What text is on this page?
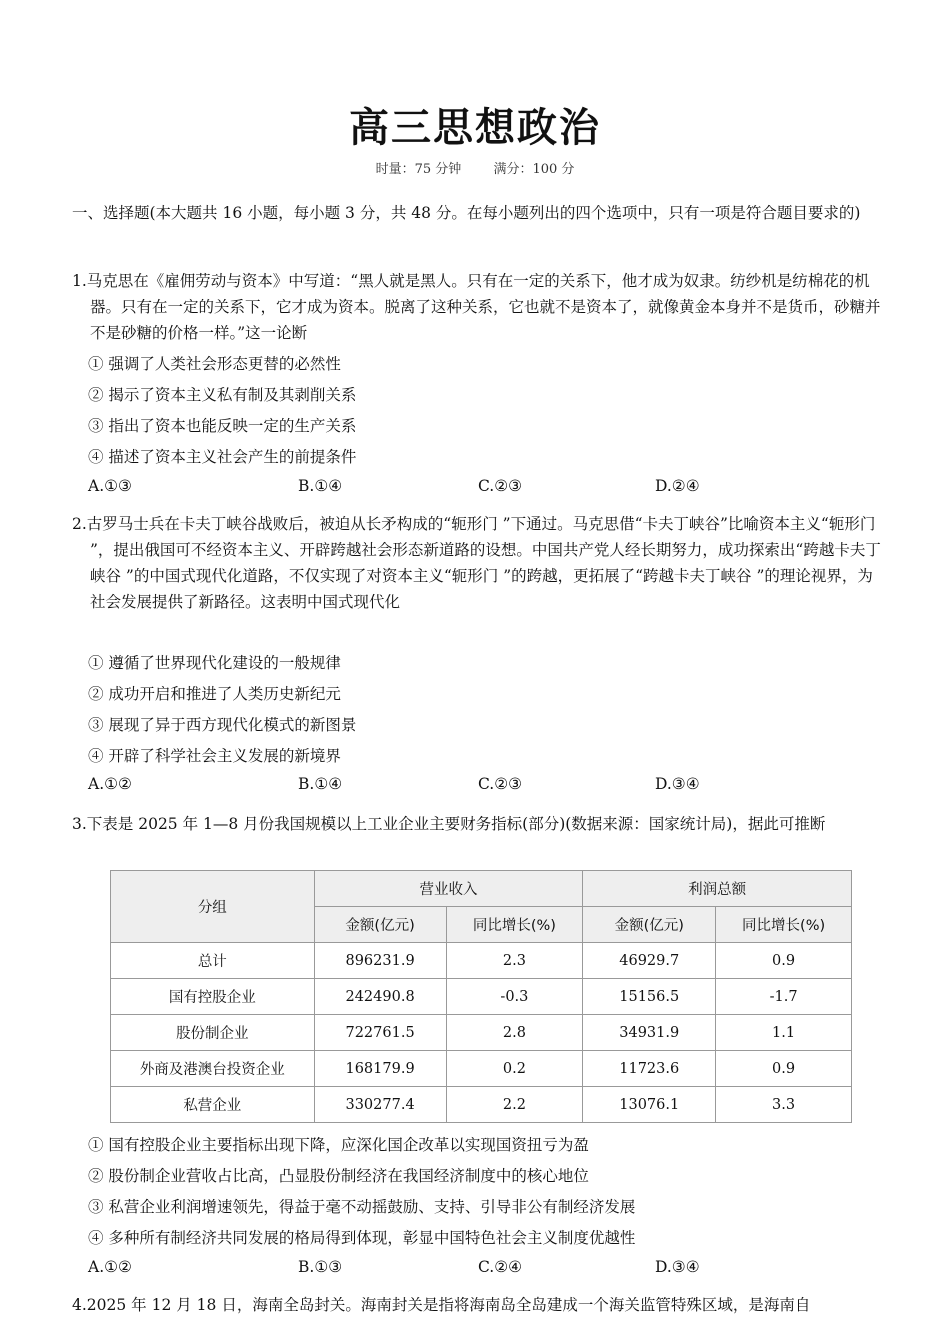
高三思想政治
时量：75 分钟 满分：100 分
一、选择题(本大题共 16 小题，每小题 3 分，共 48 分。在每小题列出的四个选项中，只有一项是符合题目要求的)
1.马克思在《雇佣劳动与资本》中写道：“黑人就是黑人。只有在一定的关系下，他才成为奴隶。纺纱机是纺棉花的机器。只有在一定的关系下，它才成为资本。脱离了这种关系，它也就不是资本了，就像黄金本身并不是货币，砂糖并不是砂糖的价格一样。”这一论断
① 强调了人类社会形态更替的必然性
② 揭示了资本主义私有制及其剥削关系
③ 指出了资本也能反映一定的生产关系
④ 描述了资本主义社会产生的前提条件
A.①③	B.①④	C.②③	D.②④
2.古罗马士兵在卡夫丁峡谷战败后，被迫从长矛构成的“轭形门 ”下通过。马克思借“卡夫丁峡谷”比喻资本主义“轭形门 ”，提出俄国可不经资本主义、开辟跨越社会形态新道路的设想。中国共产党人经长期努力，成功探索出“跨越卡夫丁峡谷 ”的中国式现代化道路，不仅实现了对资本主义“轭形门 ”的跨越，更拓展了“跨越卡夫丁峡谷 ”的理论视界，为社会发展提供了新路径。这表明中国式现代化
① 遵循了世界现代化建设的一般规律
② 成功开启和推进了人类历史新纪元
③ 展现了异于西方现代化模式的新图景
④ 开辟了科学社会主义发展的新境界
A.①②	B.①④	C.②③	D.③④
3.下表是 2025 年 1—8 月份我国规模以上工业企业主要财务指标(部分)(数据来源：国家统计局)，据此可推断
分组	营业收入		利润总额	
	金额(亿元)	同比增长(%)	金额(亿元)	同比增长(%)
总计	896231.9	2.3	46929.7	0.9
国有控股企业	242490.8	-0.3	15156.5	-1.7
股份制企业	722761.5	2.8	34931.9	1.1
外商及港澳台投资企业	168179.9	0.2	11723.6	0.9
私营企业	330277.4	2.2	13076.1	3.3
① 国有控股企业主要指标出现下降，应深化国企改革以实现国资扭亏为盈
② 股份制企业营收占比高，凸显股份制经济在我国经济制度中的核心地位
③ 私营企业利润增速领先，得益于毫不动摇鼓励、支持、引导非公有制经济发展
④ 多种所有制经济共同发展的格局得到体现，彰显中国特色社会主义制度优越性
A.①②	B.①③	C.②④	D.③④
4.2025 年 12 月 18 日，海南全岛封关。海南封关是指将海南岛全岛建成一个海关监管特殊区域，是海南自
